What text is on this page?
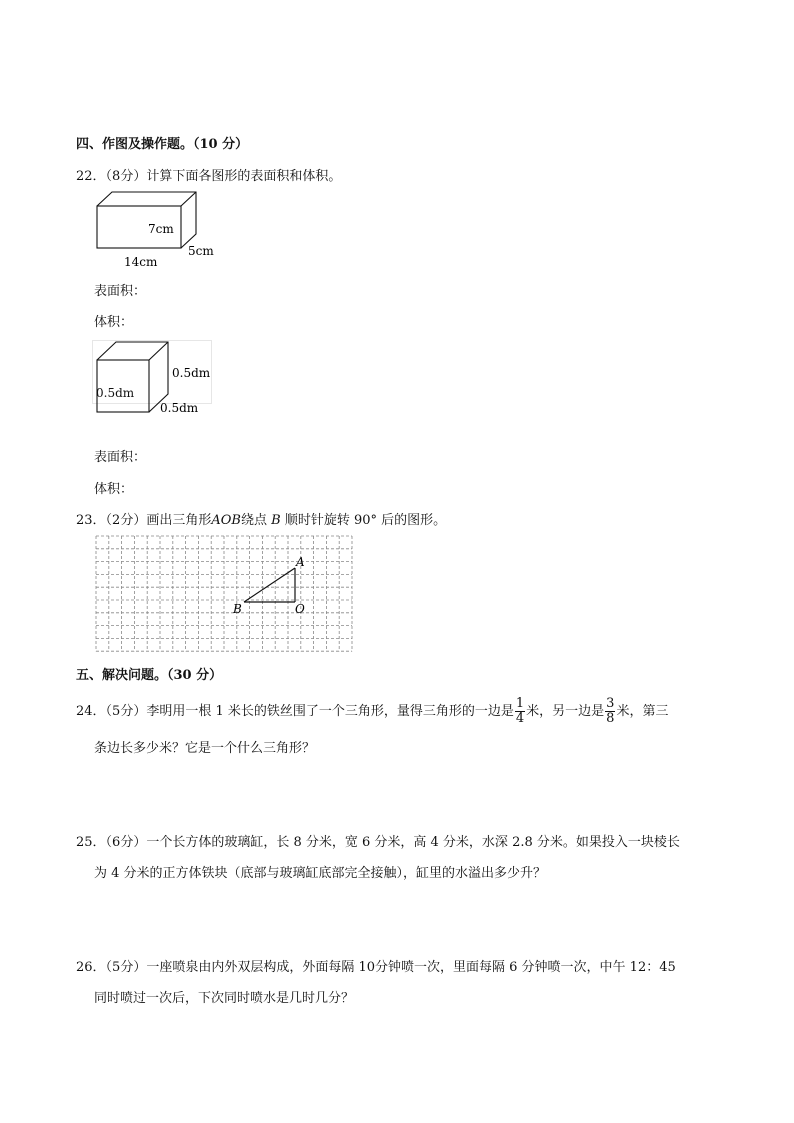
四、作图及操作题。（10 分）
22．（8分）计算下面各图形的表面积和体积。
7cm
5cm
14cm
表面积：
体积：
0.5dm
0.5dm
0.5dm
表面积：
体积：
23．（2分）画出三角形AOB绕点 B 顺时针旋转 90° 后的图形。
A
B	O
五、解决问题。（30 分）
24．（5分）李明用一根 1 米长的铁丝围了一个三角形，量得三角形的一边是 $\frac{1}{4}$ 米，另一边是 $\frac{3}{8}$ 米，第三
条边长多少米？它是一个什么三角形？
25．（6分）一个长方体的玻璃缸，长 8 分米，宽 6 分米，高 4 分米，水深 2.8 分米。如果投入一块棱长
为 4 分米的正方体铁块（底部与玻璃缸底部完全接触），缸里的水溢出多少升？
26．（5分）一座喷泉由内外双层构成，外面每隔 10分钟喷一次，里面每隔 6 分钟喷一次，中午 12：45
同时喷过一次后，下次同时喷水是几时几分？
